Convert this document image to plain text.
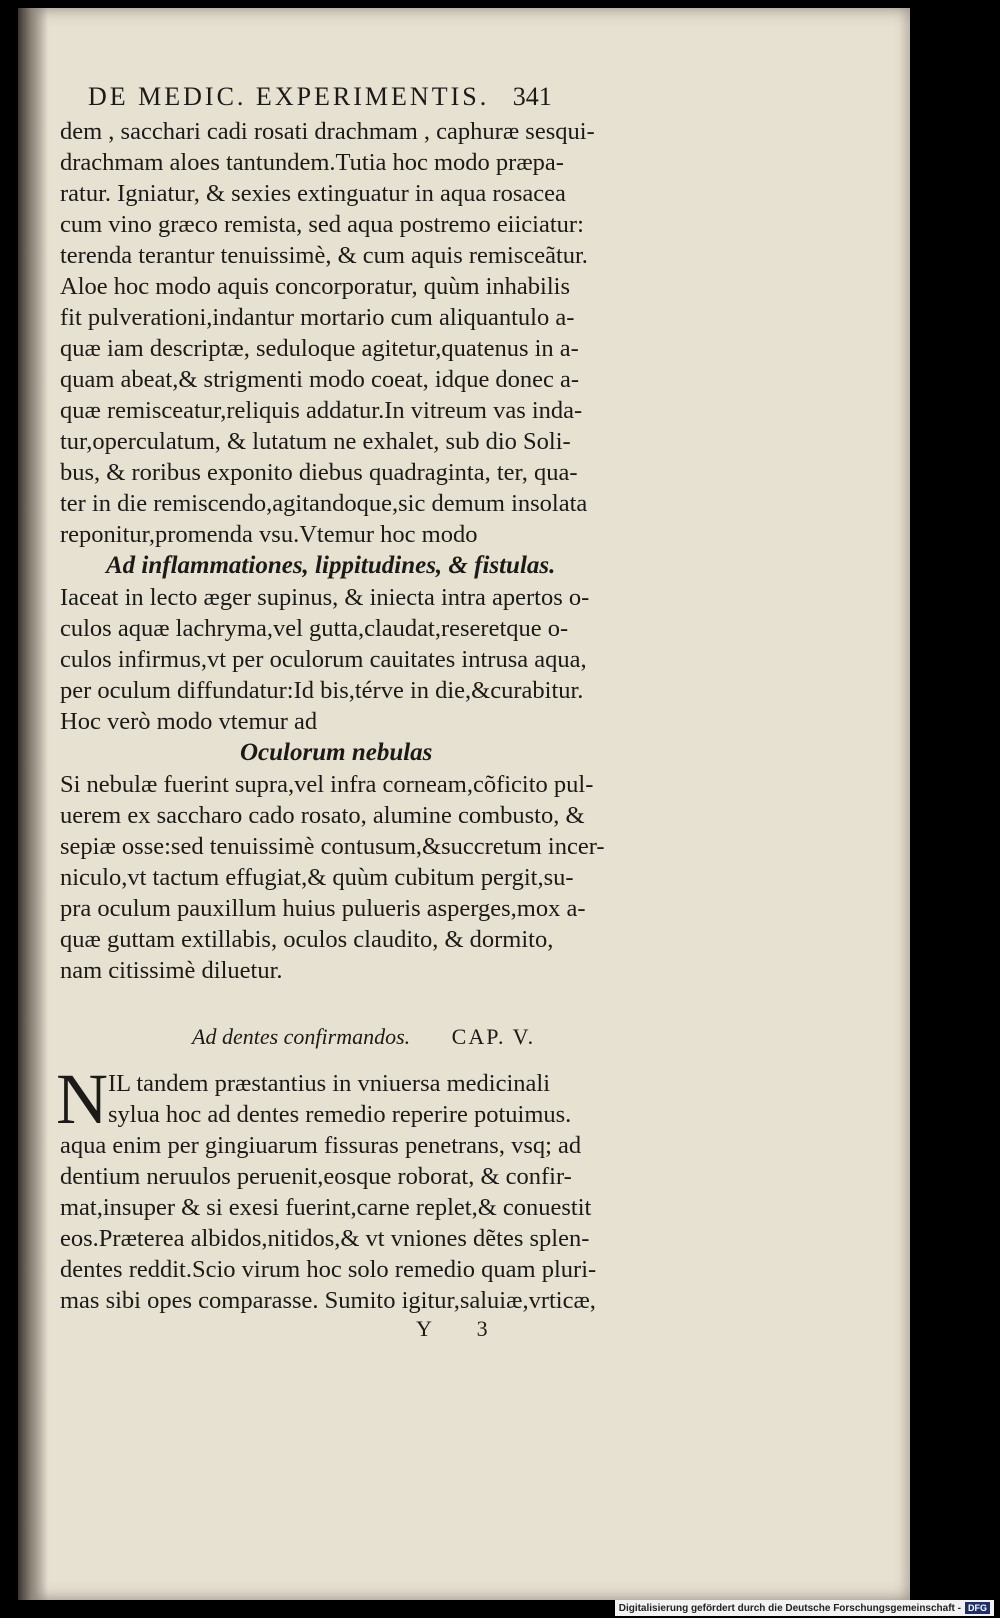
DE MEDIC. EXPERIMENTIS. 341

dem , sacchari cadi rosati drachmam , caphuræ sesqui-

drachmam aloes tantundem.Tutia hoc modo præpa-

ratur. Igniatur, & sexies extinguatur in aqua rosacea

cum vino græco remista, sed aqua postremo eiiciatur:

terenda terantur tenuissimè, & cum aquis remisceãtur.

Aloe hoc modo aquis concorporatur, quùm inhabilis

fit pulverationi,indantur mortario cum aliquantulo a-

quæ iam descriptæ, seduloque agitetur,quatenus in a-

quam abeat,& strigmenti modo coeat, idque donec a-

quæ remisceatur,reliquis addatur.In vitreum vas inda-

tur,operculatum, & lutatum ne exhalet, sub dio Soli-

bus, & roribus exponito diebus quadraginta, ter, qua-

ter in die remiscendo,agitandoque,sic demum insolata

reponitur,promenda vsu.Vtemur hoc modo

Ad inflammationes, lippitudines, & fistulas.

Iaceat in lecto æger supinus, & iniecta intra apertos o-

culos aquæ lachryma,vel gutta,claudat,reseretque o-

culos infirmus,vt per oculorum cauitates intrusa aqua,

per oculum diffundatur:Id bis,térve in die,&curabitur.

Hoc verò modo vtemur ad

Oculorum nebulas

Si nebulæ fuerint supra,vel infra corneam,cõficito pul-

uerem ex saccharo cado rosato, alumine combusto, &

sepiæ osse:sed tenuissimè contusum,&succretum incer-

niculo,vt tactum effugiat,& quùm cubitum pergit,su-

pra oculum pauxillum huius pulueris asperges,mox a-

quæ guttam extillabis, oculos claudito, & dormito,

nam citissimè diluetur.

Ad dentes confirmandos. CAP. V.
N IL tandem præstantius in vniuersa medicinali

sylua hoc ad dentes remedio reperire potuimus.

aqua enim per gingiuarum fissuras penetrans, vsq; ad

dentium neruulos peruenit,eosque roborat, & confir-

mat,insuper & si exesi fuerint,carne replet,& conuestit

eos.Præterea albidos,nitidos,& vt vniones dẽtes splen-

dentes reddit.Scio virum hoc solo remedio quam pluri-

mas sibi opes comparasse. Sumito igitur,saluiæ,vrticæ,

Y 3
Digitalisierung gefördert durch die Deutsche Forschungsgemeinschaft - DFG
